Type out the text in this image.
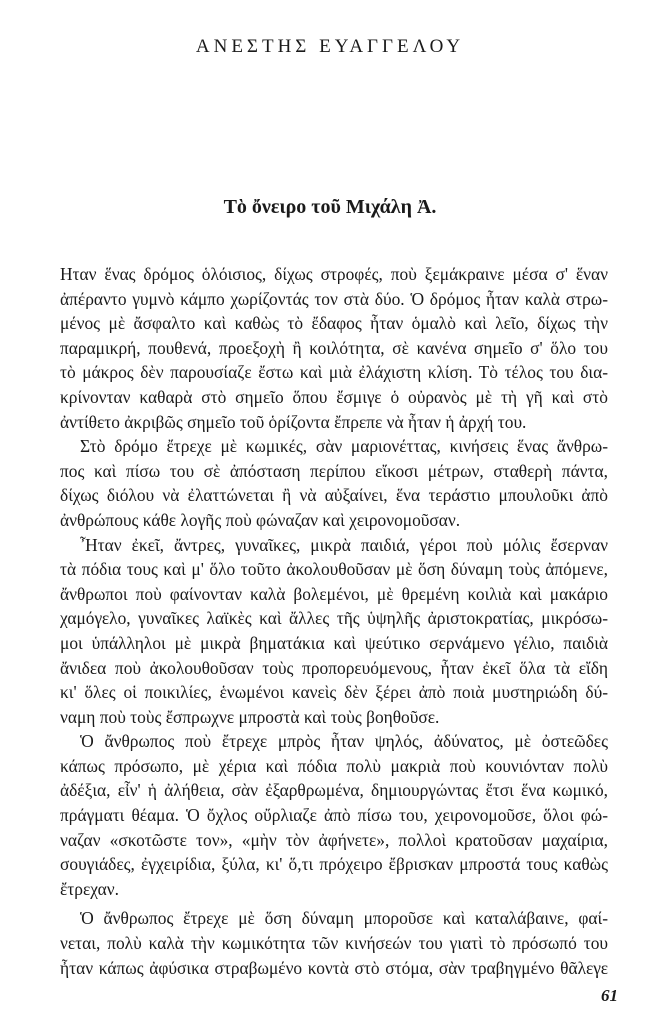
ΑΝΕΣΤΗΣ ΕΥΑΓΓΕΛΟΥ
Τὸ ὄνειρο τοῦ Μιχάλη Ἀ.
Ηταν ἕνας δρόμος ὁλόισιος, δίχως στροφές, ποὺ ξεμάκραινε μέσα σ' ἕναν
ἀπέραντο γυμνὸ κάμπο χωρίζοντάς τον στὰ δύο. Ὁ δρόμος ἦταν καλὰ στρω-
μένος μὲ ἄσφαλτο καὶ καθὼς τὸ ἔδαφος ἦταν ὁμαλὸ καὶ λεῖο, δίχως τὴν
παραμικρή, πουθενά, προεξοχὴ ἢ κοιλότητα, σὲ κανένα σημεῖο σ' ὅλο του
τὸ μάκρος δὲν παρουσίαζε ἔστω καὶ μιὰ ἐλάχιστη κλίση. Τὸ τέλος του δια-
κρίνονταν καθαρὰ στὸ σημεῖο ὅπου ἔσμιγε ὁ οὐρανὸς μὲ τὴ γῆ καὶ στὸ
ἀντίθετο ἀκριβῶς σημεῖο τοῦ ὁρίζοντα ἔπρεπε νὰ ἦταν ἡ ἀρχή του.
Στὸ δρόμο ἔτρεχε μὲ κωμικές, σὰν μαριονέττας, κινήσεις ἕνας ἄνθρω-
πος καὶ πίσω του σὲ ἀπόσταση περίπου εἴκοσι μέτρων, σταθερὴ πάντα,
δίχως διόλου νὰ ἐλαττώνεται ἢ νὰ αὐξαίνει, ἕνα τεράστιο μπουλοῦκι ἀπὸ
ἀνθρώπους κάθε λογῆς ποὺ φώναζαν καὶ χειρονομοῦσαν.
Ἦταν ἐκεῖ, ἄντρες, γυναῖκες, μικρὰ παιδιά, γέροι ποὺ μόλις ἔσερναν
τὰ πόδια τους καὶ μ' ὅλο τοῦτο ἀκολουθοῦσαν μὲ ὅση δύναμη τοὺς ἀπόμενε,
ἄνθρωποι ποὺ φαίνονταν καλὰ βολεμένοι, μὲ θρεμένη κοιλιὰ καὶ μακάριο
χαμόγελο, γυναῖκες λαϊκὲς καὶ ἄλλες τῆς ὑψηλῆς ἀριστοκρατίας, μικρόσω-
μοι ὑπάλληλοι μὲ μικρὰ βηματάκια καὶ ψεύτικο σερνάμενο γέλιο, παιδιὰ
ἄνιδεα ποὺ ἀκολουθοῦσαν τοὺς προπορευόμενους, ἦταν ἐκεῖ ὅλα τὰ εἴδη
κι' ὅλες οἱ ποικιλίες, ἑνωμένοι κανεὶς δὲν ξέρει ἀπὸ ποιὰ μυστηριώδη δύ-
ναμη ποὺ τοὺς ἔσπρωχνε μπροστὰ καὶ τοὺς βοηθοῦσε.
Ὁ ἄνθρωπος ποὺ ἔτρεχε μπρὸς ἦταν ψηλός, ἀδύνατος, μὲ ὀστεῶδες
κάπως πρόσωπο, μὲ χέρια καὶ πόδια πολὺ μακριὰ ποὺ κουνιόνταν πολὺ
ἀδέξια, εἶν' ἡ ἀλήθεια, σὰν ἐξαρθρωμένα, δημιουργώντας ἔτσι ἕνα κωμικό,
πράγματι θέαμα. Ὁ ὄχλος οὔρλιαζε ἀπὸ πίσω του, χειρονομοῦσε, ὅλοι φώ-
ναζαν «σκοτῶστε τον», «μὴν τὸν ἀφήνετε», πολλοὶ κρατοῦσαν μαχαίρια,
σουγιάδες, ἐγχειρίδια, ξύλα, κι' ὅ,τι πρόχειρο ἔβρισκαν μπροστά τους καθὼς
ἔτρεχαν.
Ὁ ἄνθρωπος ἔτρεχε μὲ ὅση δύναμη μποροῦσε καὶ καταλάβαινε, φαί-
νεται, πολὺ καλὰ τὴν κωμικότητα τῶν κινήσεών του γιατὶ τὸ πρόσωπό του
ἦταν κάπως ἀφύσικα στραβωμένο κοντὰ στὸ στόμα, σὰν τραβηγμένο θᾶλεγε
61
